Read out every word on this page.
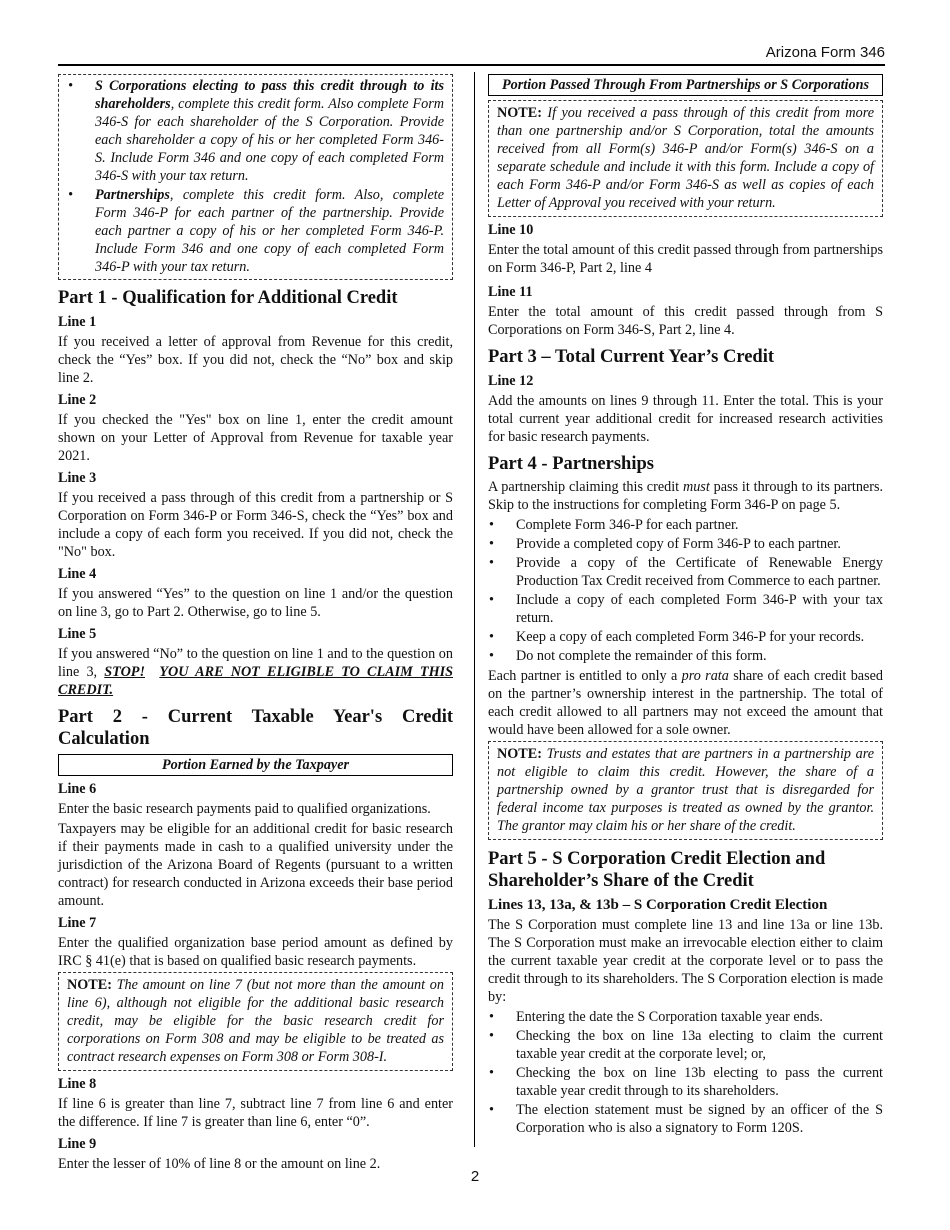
Arizona Form 346
• S Corporations electing to pass this credit through to its shareholders, complete this credit form. Also complete Form 346-S for each shareholder of the S Corporation. Provide each shareholder a copy of his or her completed Form 346-S. Include Form 346 and one copy of each completed Form 346-S with your tax return.
• Partnerships, complete this credit form. Also, complete Form 346-P for each partner of the partnership. Provide each partner a copy of his or her completed Form 346-P. Include Form 346 and one copy of each completed Form 346-P with your tax return.
Part 1 - Qualification for Additional Credit
Line 1

If you received a letter of approval from Revenue for this credit, check the “Yes” box. If you did not, check the “No” box and skip line 2.

Line 2

If you checked the "Yes" box on line 1, enter the credit amount shown on your Letter of Approval from Revenue for taxable year 2021.

Line 3

If you received a pass through of this credit from a partnership or S Corporation on Form 346-P or Form 346-S, check the “Yes” box and include a copy of each form you received. If you did not, check the "No" box.

Line 4

If you answered “Yes” to the question on line 1 and/or the question on line 3, go to Part 2. Otherwise, go to line 5.

Line 5

If you answered “No” to the question on line 1 and to the question on line 3, STOP! YOU ARE NOT ELIGIBLE TO CLAIM THIS CREDIT.

Part 2 - Current Taxable Year's Credit Calculation
Portion Earned by the Taxpayer
Line 6

Enter the basic research payments paid to qualified organizations.

Taxpayers may be eligible for an additional credit for basic research if their payments made in cash to a qualified university under the jurisdiction of the Arizona Board of Regents (pursuant to a written contract) for research conducted in Arizona exceeds their base period amount.

Line 7

Enter the qualified organization base period amount as defined by IRC § 41(e) that is based on qualified basic research payments.

NOTE: The amount on line 7 (but not more than the amount on line 6), although not eligible for the additional basic research credit, may be eligible for the basic research credit for corporations on Form 308 and may be eligible to be treated as contract research expenses on Form 308 or Form 308-I.

Line 8

If line 6 is greater than line 7, subtract line 7 from line 6 and enter the difference. If line 7 is greater than line 6, enter “0”.

Line 9

Enter the lesser of 10% of line 8 or the amount on line 2.

Portion Passed Through From Partnerships or S Corporations

NOTE: If you received a pass through of this credit from more than one partnership and/or S Corporation, total the amounts received from all Form(s) 346-P and/or Form(s) 346-S on a separate schedule and include it with this form. Include a copy of each Form 346-P and/or Form 346-S as well as copies of each Letter of Approval you received with your return.

Line 10

Enter the total amount of this credit passed through from partnerships on Form 346-P, Part 2, line 4

Line 11

Enter the total amount of this credit passed through from S Corporations on Form 346-S, Part 2, line 4.

Part 3 – Total Current Year’s Credit
Line 12

Add the amounts on lines 9 through 11. Enter the total. This is your total current year additional credit for increased research activities for basic research payments.

Part 4 - Partnerships

A partnership claiming this credit must pass it through to its partners. Skip to the instructions for completing Form 346-P on page 5.

• Complete Form 346-P for each partner.
• Provide a completed copy of Form 346-P to each partner.
• Provide a copy of the Certificate of Renewable Energy Production Tax Credit received from Commerce to each partner.
• Include a copy of each completed Form 346-P with your tax return.
• Keep a copy of each completed Form 346-P for your records.
• Do not complete the remainder of this form.

Each partner is entitled to only a pro rata share of each credit based on the partner’s ownership interest in the partnership. The total of each credit allowed to all partners may not exceed the amount that would have been allowed for a sole owner.

NOTE: Trusts and estates that are partners in a partnership are not eligible to claim this credit. However, the share of a partnership owned by a grantor trust that is disregarded for federal income tax purposes is treated as owned by the grantor. The grantor may claim his or her share of the credit.

Part 5 - S Corporation Credit Election and Shareholder’s Share of the Credit
Lines 13, 13a, & 13b – S Corporation Credit Election

The S Corporation must complete line 13 and line 13a or line 13b. The S Corporation must make an irrevocable election either to claim the current taxable year credit at the corporate level or to pass the credit through to its shareholders. The S Corporation election is made by:

• Entering the date the S Corporation taxable year ends.
• Checking the box on line 13a electing to claim the current taxable year credit at the corporate level; or,
• Checking the box on line 13b electing to pass the current taxable year credit through to its shareholders.
• The election statement must be signed by an officer of the S Corporation who is also a signatory to Form 120S.
2
